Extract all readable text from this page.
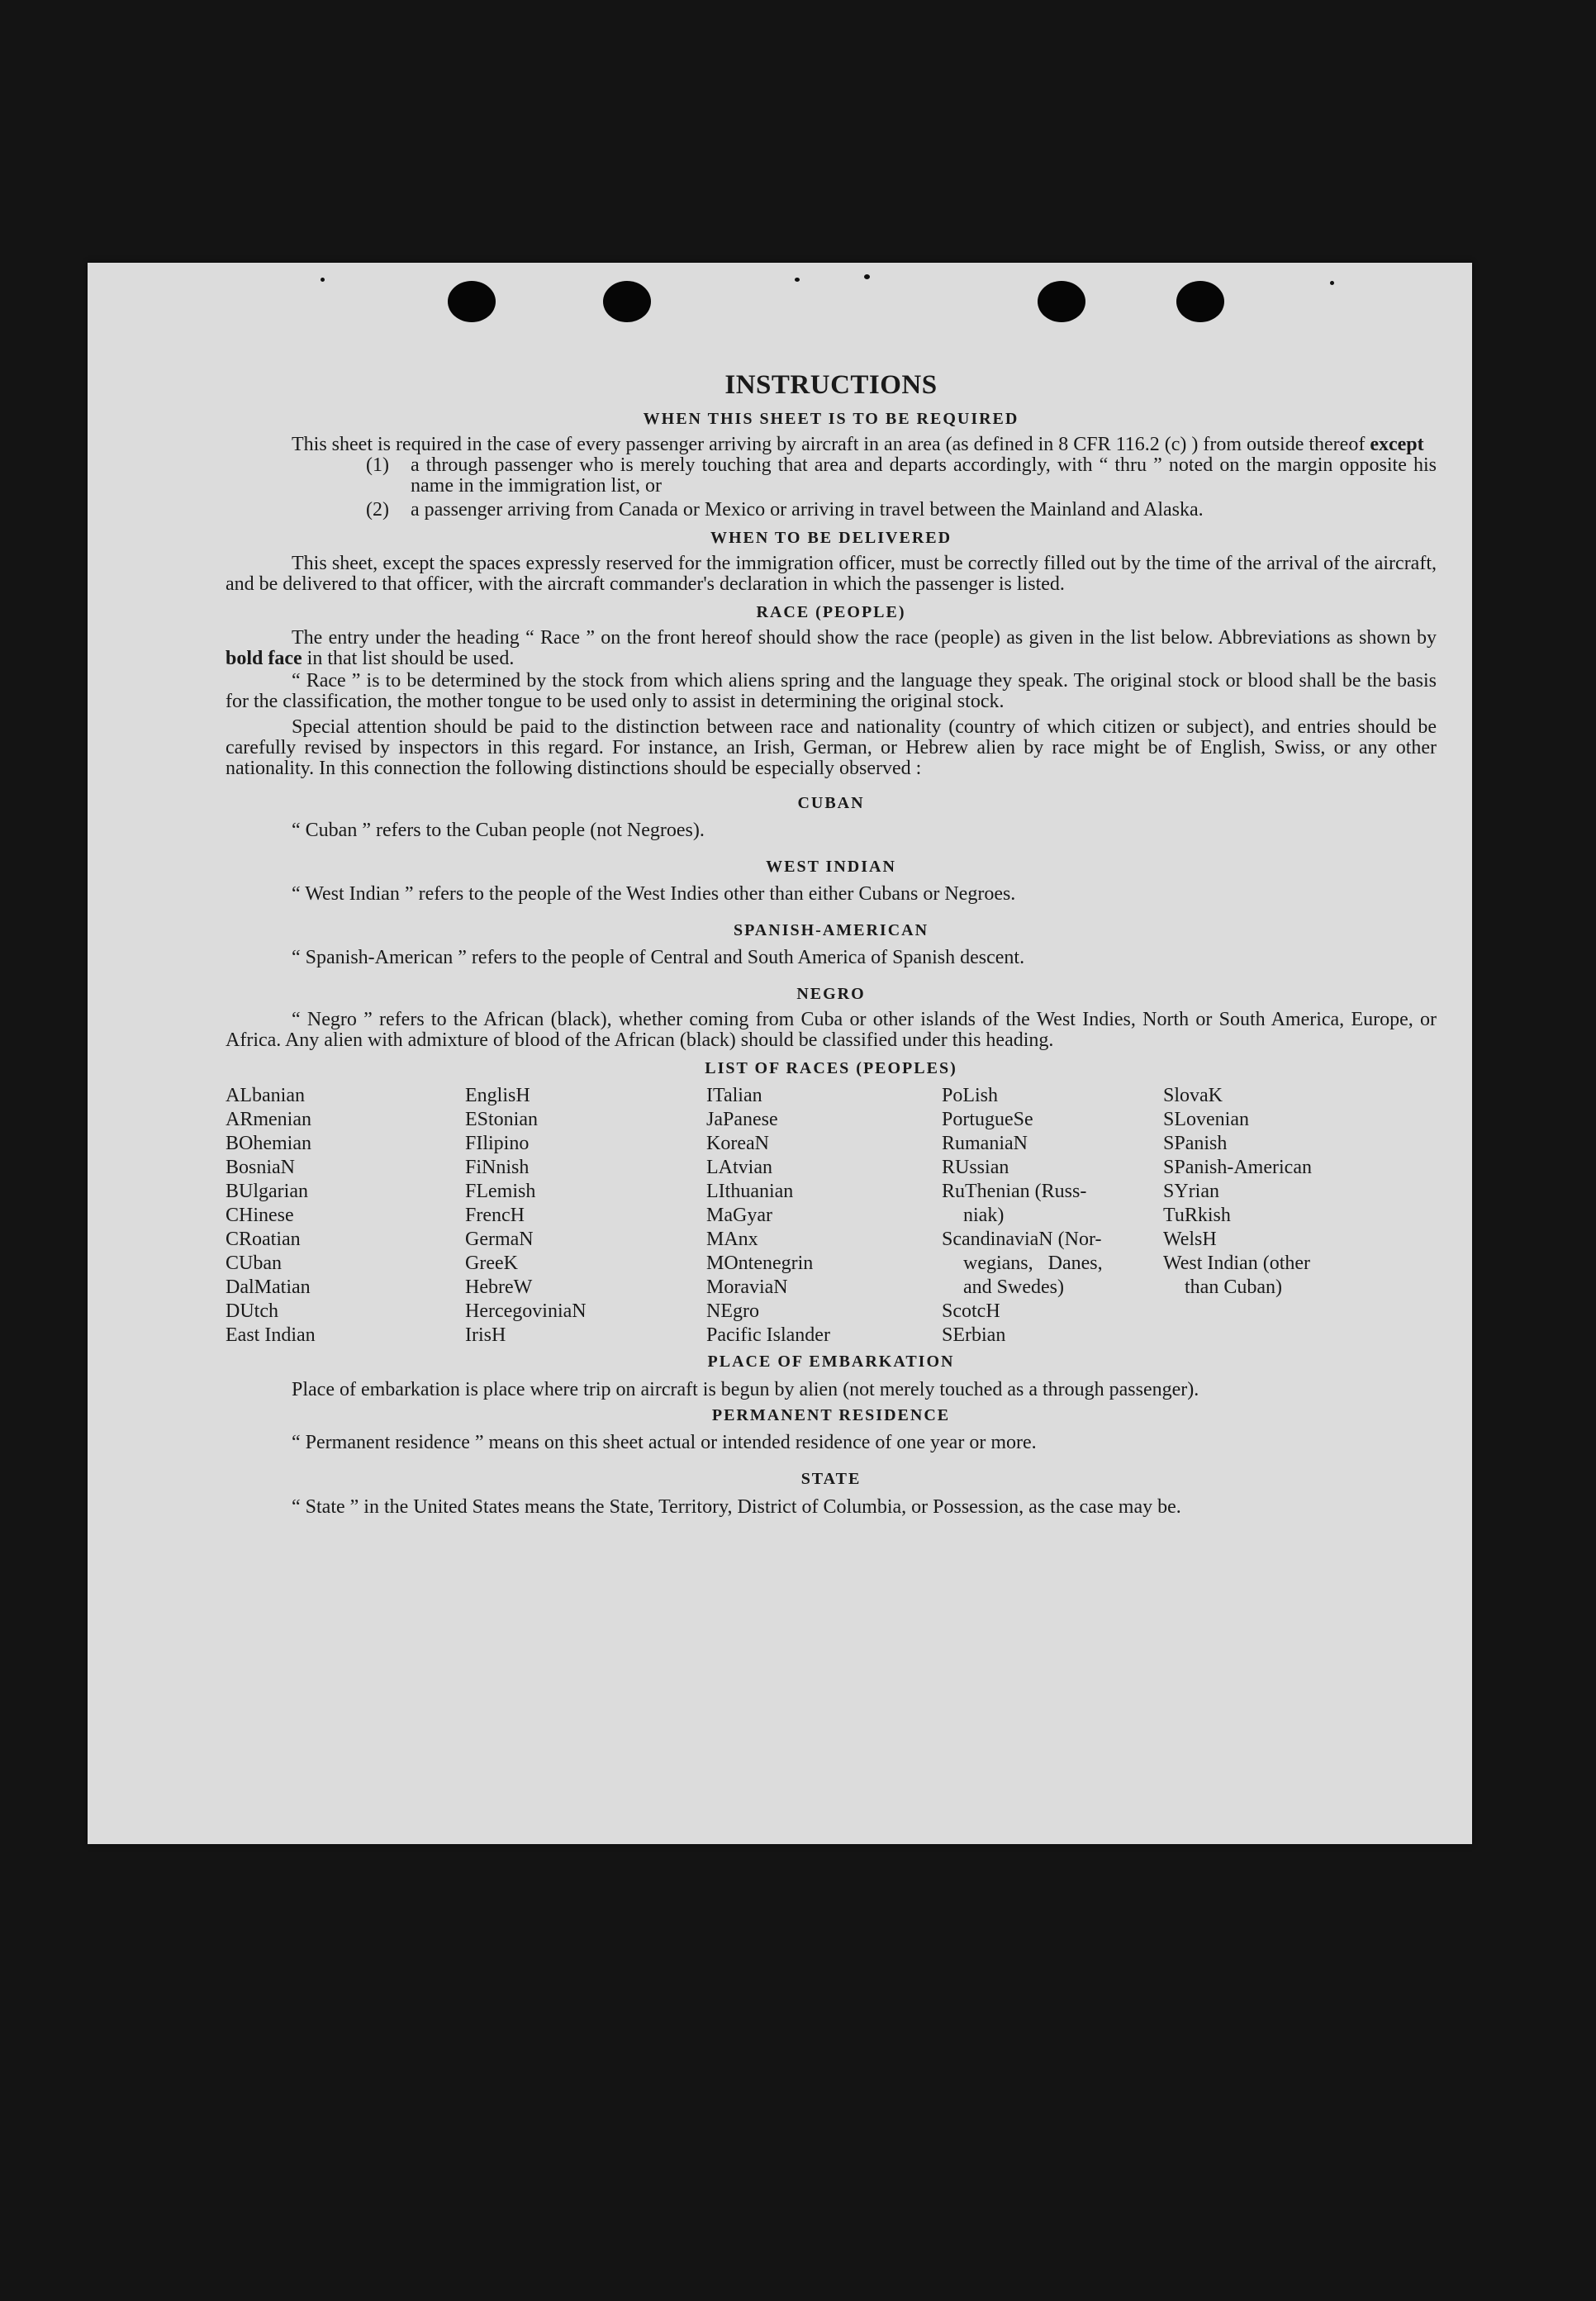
INSTRUCTIONS
WHEN THIS SHEET IS TO BE REQUIRED

This sheet is required in the case of every passenger arriving by aircraft in an area (as defined in 8 CFR 116.2 (c) ) from outside thereof except

(1)	a through passenger who is merely touching that area and departs accordingly, with “ thru ” noted on the margin opposite his name in the immigration list, or
(2)	a passenger arriving from Canada or Mexico or arriving in travel between the Mainland and Alaska.
WHEN TO BE DELIVERED

This sheet, except the spaces expressly reserved for the immigration officer, must be correctly filled out by the time of the arrival of the aircraft, and be delivered to that officer, with the aircraft commander's declaration in which the passenger is listed.

RACE (PEOPLE)

The entry under the heading “ Race ” on the front hereof should show the race (people) as given in the list below. Abbreviations as shown by bold face in that list should be used.

“ Race ” is to be determined by the stock from which aliens spring and the language they speak. The original stock or blood shall be the basis for the classification, the mother tongue to be used only to assist in determining the original stock.

Special attention should be paid to the distinction between race and nationality (country of which citizen or subject), and entries should be carefully revised by inspectors in this regard. For instance, an Irish, German, or Hebrew alien by race might be of English, Swiss, or any other nationality. In this connection the following distinctions should be especially observed :

CUBAN

“ Cuban ” refers to the Cuban people (not Negroes).

WEST INDIAN

“ West Indian ” refers to the people of the West Indies other than either Cubans or Negroes.

SPANISH-AMERICAN

“ Spanish-American ” refers to the people of Central and South America of Spanish descent.

NEGRO

“ Negro ” refers to the African (black), whether coming from Cuba or other islands of the West Indies, North or South America, Europe, or Africa. Any alien with admixture of blood of the African (black) should be classified under this heading.

LIST OF RACES (PEOPLES)
ALbanian
ARmenian
BOhemian
BosniaN
BUlgarian
CHinese
CRoatian
CUban
DalMatian
DUtch
East Indian
EnglisH
EStonian
FIlipino
FiNnish
FLemish
FrencH
GermaN
GreeK
HebreW
HercegoviniaN
IrisH
ITalian
JaPanese
KoreaN
LAtvian
LIthuanian
MaGyar
MAnx
MOntenegrin
MoraviaN
NEgro
Pacific Islander
PoLish
PortugueSe
RumaniaN
RUssian
RuThenian (Russ-
niak)
ScandinaviaN (Nor-
wegians,   Danes,
and Swedes)
ScotcH
SErbian
SlovaK
SLovenian
SPanish
SPanish-American
SYrian
TuRkish
WelsH
West Indian (other
than Cuban)
PLACE OF EMBARKATION

Place of embarkation is place where trip on aircraft is begun by alien (not merely touched as a through passenger).

PERMANENT RESIDENCE

“ Permanent residence ” means on this sheet actual or intended residence of one year or more.

STATE

“ State ” in the United States means the State, Territory, District of Columbia, or Possession, as the case may be.
